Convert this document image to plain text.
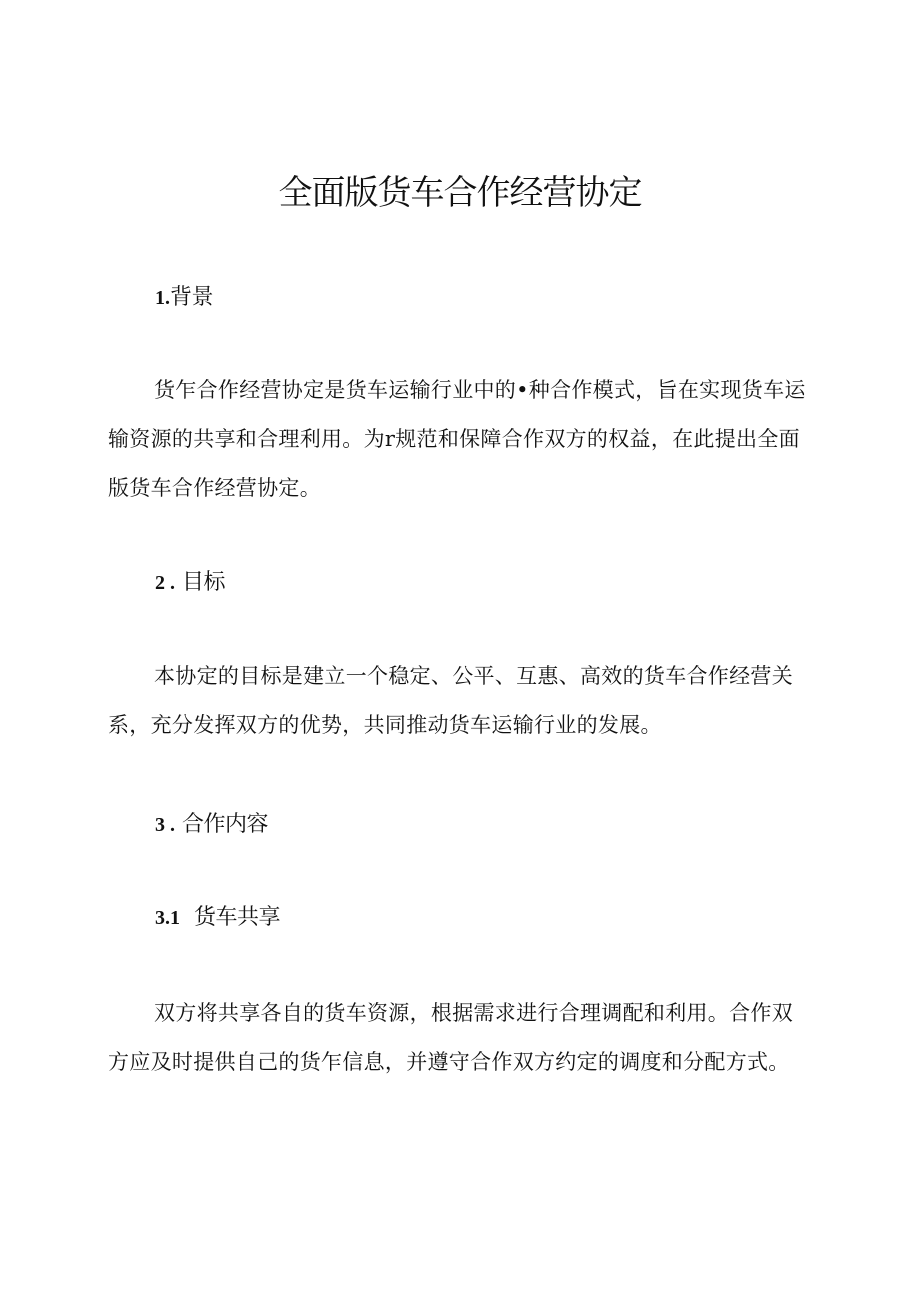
全面版货车合作经营协定
1.背景

货乍合作经营协定是货车运输行业中的•种合作模式，旨在实现货车运输资源的共享和合理利用。为r规范和保障合作双方的权益，在此提出全面版货车合作经营协定。

2 . 目标

本协定的目标是建立一个稳定、公平、互惠、高效的货车合作经营关系，充分发挥双方的优势，共同推动货车运输行业的发展。

3 . 合作内容
3.1 货车共享

双方将共享各自的货车资源，根据需求进行合理调配和利用。合作双方应及时提供自己的货乍信息，并遵守合作双方约定的调度和分配方式。
